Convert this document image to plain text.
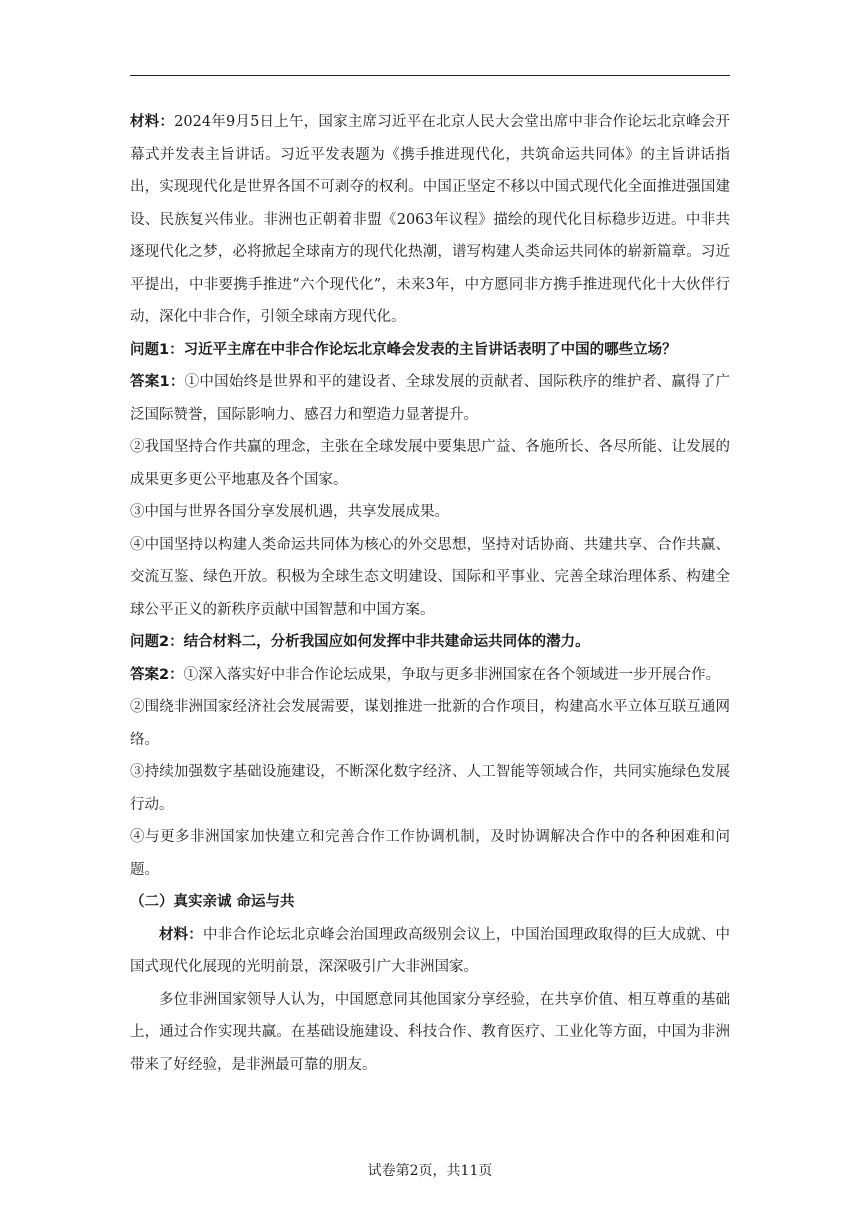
材料：2024年9月5日上午，国家主席习近平在北京人民大会堂出席中非合作论坛北京峰会开幕式并发表主旨讲话。习近平发表题为《携手推进现代化，共筑命运共同体》的主旨讲话指出，实现现代化是世界各国不可剥夺的权利。中国正坚定不移以中国式现代化全面推进强国建设、民族复兴伟业。非洲也正朝着非盟《2063年议程》描绘的现代化目标稳步迈进。中非共逐现代化之梦，必将掀起全球南方的现代化热潮，谱写构建人类命运共同体的崭新篇章。习近平提出，中非要携手推进“六个现代化”，未来3年，中方愿同非方携手推进现代化十大伙伴行动，深化中非合作，引领全球南方现代化。

问题1：习近平主席在中非合作论坛北京峰会发表的主旨讲话表明了中国的哪些立场？

答案1：①中国始终是世界和平的建设者、全球发展的贡献者、国际秩序的维护者、赢得了广泛国际赞誉，国际影响力、感召力和塑造力显著提升。

②我国坚持合作共赢的理念，主张在全球发展中要集思广益、各施所长、各尽所能、让发展的成果更多更公平地惠及各个国家。

③中国与世界各国分享发展机遇，共享发展成果。

④中国坚持以构建人类命运共同体为核心的外交思想，坚持对话协商、共建共享、合作共赢、交流互鉴、绿色开放。积极为全球生态文明建设、国际和平事业、完善全球治理体系、构建全球公平正义的新秩序贡献中国智慧和中国方案。

问题2：结合材料二，分析我国应如何发挥中非共建命运共同体的潜力。

答案2：①深入落实好中非合作论坛成果，争取与更多非洲国家在各个领域进一步开展合作。

②围绕非洲国家经济社会发展需要，谋划推进一批新的合作项目，构建高水平立体互联互通网络。

③持续加强数字基础设施建设，不断深化数字经济、人工智能等领域合作，共同实施绿色发展行动。

④与更多非洲国家加快建立和完善合作工作协调机制，及时协调解决合作中的各种困难和问题。

（二）真实亲诚 命运与共

材料：中非合作论坛北京峰会治国理政高级别会议上，中国治国理政取得的巨大成就、中国式现代化展现的光明前景，深深吸引广大非洲国家。

多位非洲国家领导人认为，中国愿意同其他国家分享经验，在共享价值、相互尊重的基础上，通过合作实现共赢。在基础设施建设、科技合作、教育医疗、工业化等方面，中国为非洲带来了好经验，是非洲最可靠的朋友。

试卷第2页，共11页
